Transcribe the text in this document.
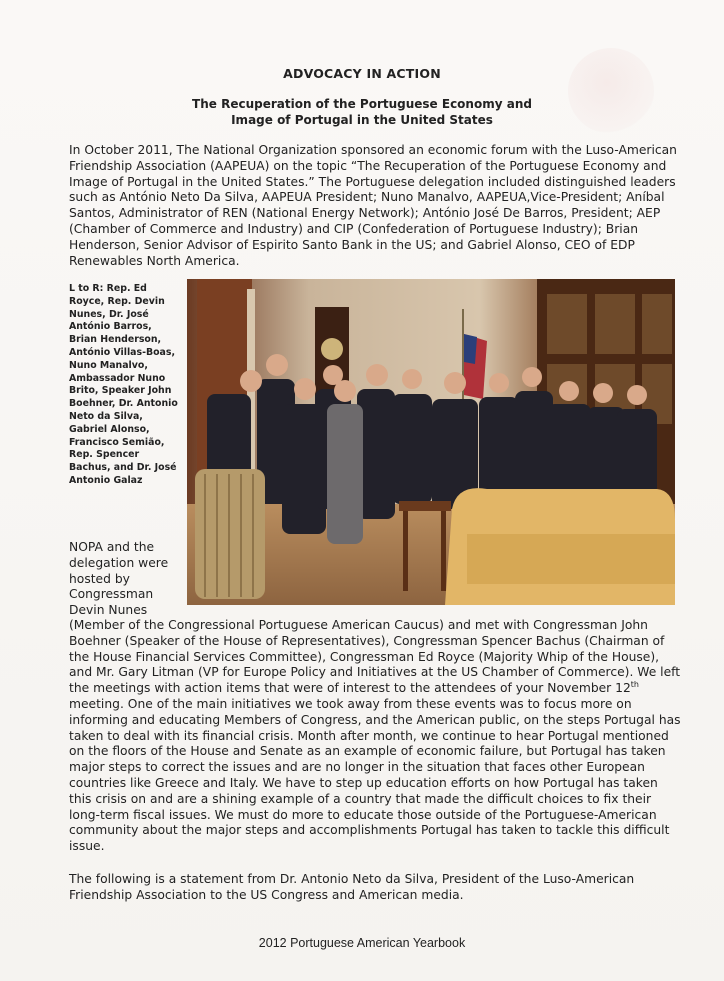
ADVOCACY IN ACTION
The Recuperation of the Portuguese Economy and
Image of Portugal in the United States

In October 2011, The National Organization sponsored an economic forum with the Luso-American Friendship Association (AAPEUA) on the topic “The Recuperation of the Portuguese Economy and Image of Portugal in the United States.” The Portuguese delegation included distinguished leaders such as António Neto Da Silva, AAPEUA President; Nuno Manalvo, AAPEUA,Vice-President; Aníbal Santos, Administrator of REN (National Energy Network); António José De Barros, President; AEP (Chamber of Commerce and Industry) and CIP (Confederation of Portuguese Industry); Brian Henderson, Senior Advisor of Espirito Santo Bank in the US; and Gabriel Alonso, CEO of EDP Renewables North America.

L to R: Rep. Ed Royce, Rep. Devin Nunes, Dr. José António Barros, Brian Henderson, António Villas-Boas, Nuno Manalvo, Ambassador Nuno Brito, Speaker John Boehner, Dr. Antonio Neto da Silva, Gabriel Alonso, Francisco Semião, Rep. Spencer Bachus, and Dr. José Antonio Galaz

NOPA and the delegation were hosted by Congressman Devin Nunes

(Member of the Congressional Portuguese American Caucus) and met with Congressman John Boehner (Speaker of the House of Representatives), Congressman Spencer Bachus (Chairman of the House Financial Services Committee), Congressman Ed Royce (Majority Whip of the House), and Mr. Gary Litman (VP for Europe Policy and Initiatives at the US Chamber of Commerce). We left the meetings with action items that were of interest to the attendees of your November 12th meeting. One of the main initiatives we took away from these events was to focus more on informing and educating Members of Congress, and the American public, on the steps Portugal has taken to deal with its financial crisis. Month after month, we continue to hear Portugal mentioned on the floors of the House and Senate as an example of economic failure, but Portugal has taken major steps to correct the issues and are no longer in the situation that faces other European countries like Greece and Italy. We have to step up education efforts on how Portugal has taken this crisis on and are a shining example of a country that made the difficult choices to fix their long-term fiscal issues. We must do more to educate those outside of the Portuguese-American community about the major steps and accomplishments Portugal has taken to tackle this difficult issue.

The following is a statement from Dr. Antonio Neto da Silva, President of the Luso-American Friendship Association to the US Congress and American media.

2012 Portuguese American Yearbook
